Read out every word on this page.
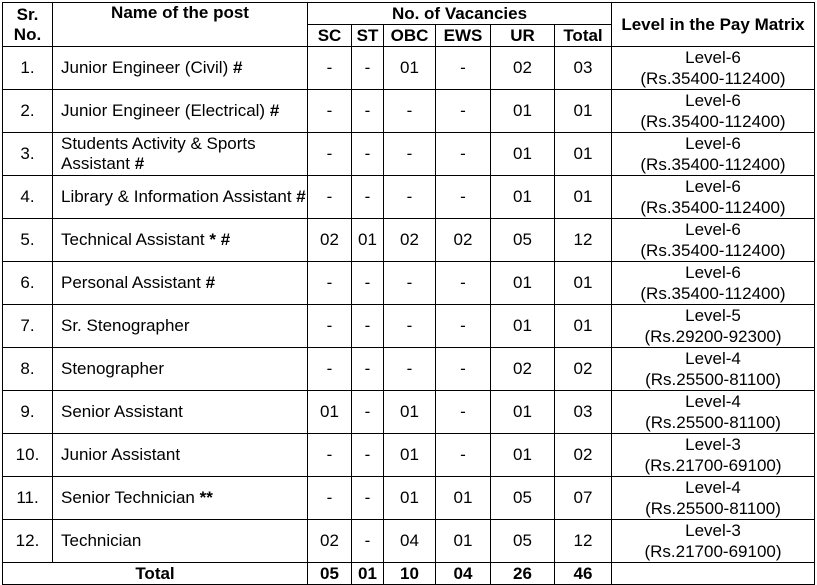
Sr. No.	Name of the post	No. of Vacancies						Level in the Pay Matrix
		SC	ST	OBC	EWS	UR	Total	
1.	Junior Engineer (Civil) #	-	-	01	-	02	03	Level-6
(Rs.35400-112400)
2.	Junior Engineer (Electrical) #	-	-	-	-	01	01	Level-6
(Rs.35400-112400)
3.	Students Activity & Sports Assistant #	-	-	-	-	01	01	Level-6
(Rs.35400-112400)
4.	Library & Information Assistant #	-	-	-	-	01	01	Level-6
(Rs.35400-112400)
5.	Technical Assistant * #	02	01	02	02	05	12	Level-6
(Rs.35400-112400)
6.	Personal Assistant #	-	-	-	-	01	01	Level-6
(Rs.35400-112400)
7.	Sr. Stenographer	-	-	-	-	01	01	Level-5
(Rs.29200-92300)
8.	Stenographer	-	-	-	-	02	02	Level-4
(Rs.25500-81100)
9.	Senior Assistant	01	-	01	-	01	03	Level-4
(Rs.25500-81100)
10.	Junior Assistant	-	-	01	-	01	02	Level-3
(Rs.21700-69100)
11.	Senior Technician **	-	-	01	01	05	07	Level-4
(Rs.25500-81100)
12.	Technician	02	-	04	01	05	12	Level-3
(Rs.21700-69100)
Total		05	01	10	04	26	46	
